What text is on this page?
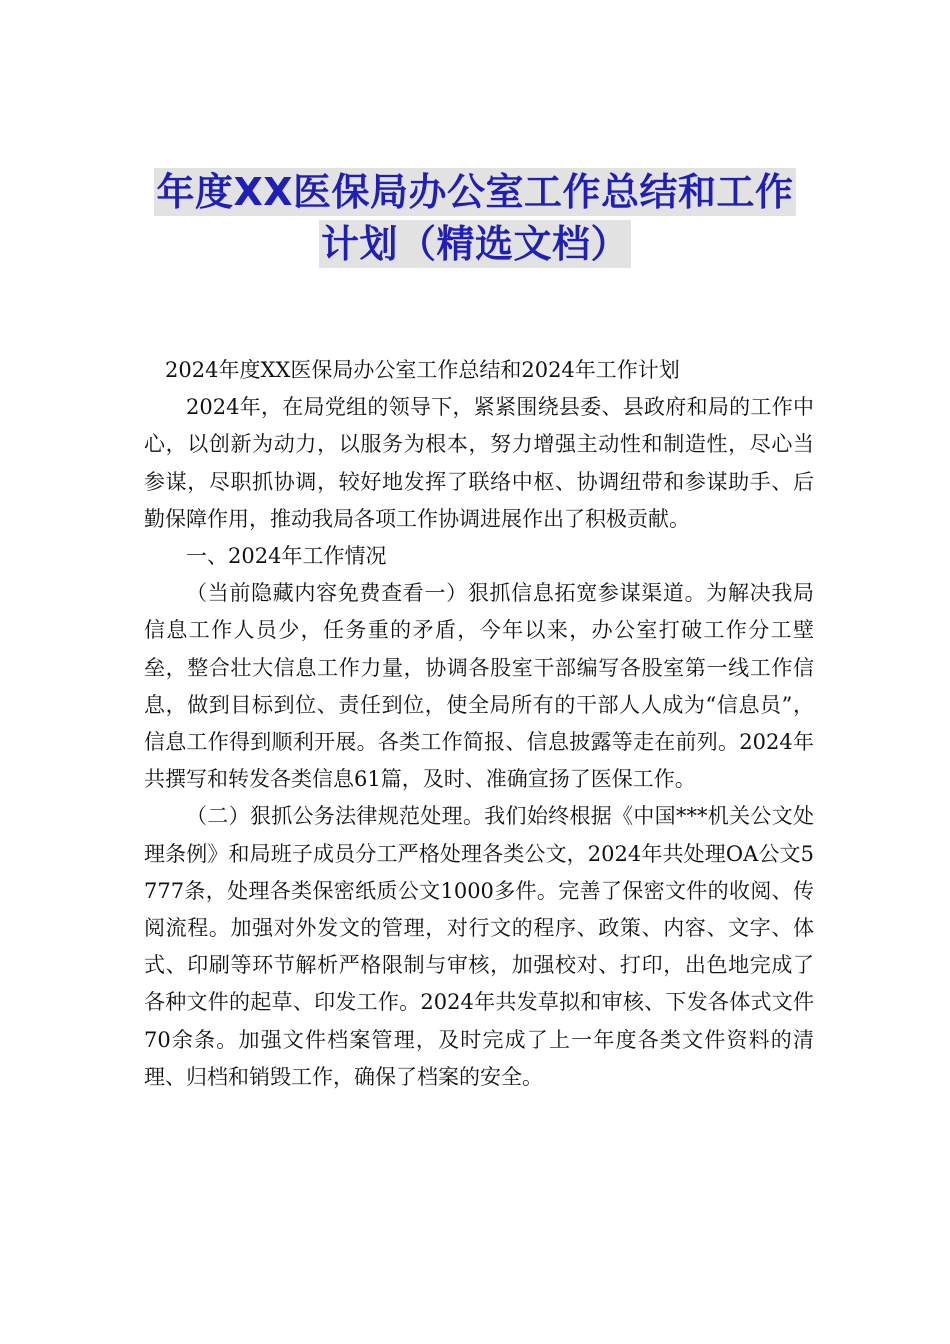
年度XX医保局办公室工作总结和工作
计划（精选文档）

2024年度XX医保局办公室工作总结和2024年工作计划

2024年，在局党组的领导下，紧紧围绕县委、县政府和局的工作中心，以创新为动力，以服务为根本，努力增强主动性和制造性，尽心当参谋，尽职抓协调，较好地发挥了联络中枢、协调纽带和参谋助手、后勤保障作用，推动我局各项工作协调进展作出了积极贡献。

一、2024年工作情况

（当前隐藏内容免费查看一）狠抓信息拓宽参谋渠道。为解决我局信息工作人员少，任务重的矛盾，今年以来，办公室打破工作分工壁垒，整合壮大信息工作力量，协调各股室干部编写各股室第一线工作信息，做到目标到位、责任到位，使全局所有的干部人人成为“信息员”，信息工作得到顺利开展。各类工作简报、信息披露等走在前列。2024年共撰写和转发各类信息61篇，及时、准确宣扬了医保工作。

（二）狠抓公务法律规范处理。我们始终根据《中国***机关公文处理条例》和局班子成员分工严格处理各类公文，2024年共处理OA公文5777条，处理各类保密纸质公文1000多件。完善了保密文件的收阅、传阅流程。加强对外发文的管理，对行文的程序、政策、内容、文字、体式、印刷等环节解析严格限制与审核，加强校对、打印，出色地完成了各种文件的起草、印发工作。2024年共发草拟和审核、下发各体式文件70余条。加强文件档案管理，及时完成了上一年度各类文件资料的清理、归档和销毁工作，确保了档案的安全。
